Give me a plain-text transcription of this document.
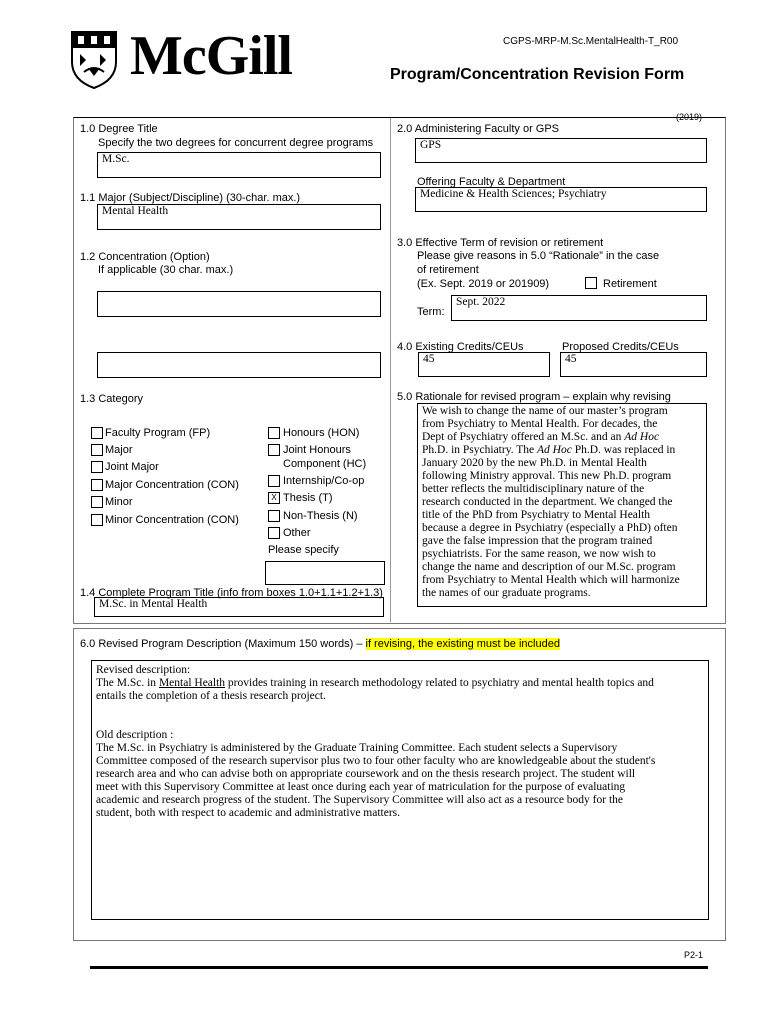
McGill	CGPS-MRP-M.Sc.MentalHealth-T_R00
Program/Concentration Revision Form
(2019)
1.0 Degree Title
Specify the two degrees for concurrent degree programs
M.Sc.
1.1 Major (Subject/Discipline) (30-char. max.)
Mental Health
1.2 Concentration (Option)
If applicable (30 char. max.)
1.3 Category
Faculty Program (FP)
Major
Joint Major
Major Concentration (CON)
Minor
Minor Concentration (CON)
Honours (HON)
Joint Honours
Component (HC)
Internship/Co-op
X Thesis (T)
Non-Thesis (N)
Other
Please specify
1.4 Complete Program Title (info from boxes 1.0+1.1+1.2+1.3)
M.Sc. in Mental Health
2.0 Administering Faculty or GPS
GPS
Offering Faculty & Department
Medicine & Health Sciences; Psychiatry
3.0 Effective Term of revision or retirement
Please give reasons in 5.0 “Rationale” in the case
of retirement
(Ex. Sept. 2019 or 201909)	Retirement
Term:
Sept. 2022
4.0 Existing Credits/CEUs
45
Proposed Credits/CEUs
45
5.0 Rationale for revised program – explain why revising
We wish to change the name of our master’s program
from Psychiatry to Mental Health. For decades, the
Dept of Psychiatry offered an M.Sc. and an Ad Hoc
Ph.D. in Psychiatry. The Ad Hoc Ph.D. was replaced in
January 2020 by the new Ph.D. in Mental Health
following Ministry approval. This new Ph.D. program
better reflects the multidisciplinary nature of the
research conducted in the department. We changed the
title of the PhD from Psychiatry to Mental Health
because a degree in Psychiatry (especially a PhD) often
gave the false impression that the program trained
psychiatrists. For the same reason, we now wish to
change the name and description of our M.Sc. program
from Psychiatry to Mental Health which will harmonize
the names of our graduate programs.
6.0 Revised Program Description (Maximum 150 words) – if revising, the existing must be included
Revised description:
The M.Sc. in Mental Health provides training in research methodology related to psychiatry and mental health topics and
entails the completion of a thesis research project.
Old description :
The M.Sc. in Psychiatry is administered by the Graduate Training Committee. Each student selects a Supervisory
Committee composed of the research supervisor plus two to four other faculty who are knowledgeable about the student's
research area and who can advise both on appropriate coursework and on the thesis research project. The student will
meet with this Supervisory Committee at least once during each year of matriculation for the purpose of evaluating
academic and research progress of the student. The Supervisory Committee will also act as a resource body for the
student, both with respect to academic and administrative matters.
P2-1
